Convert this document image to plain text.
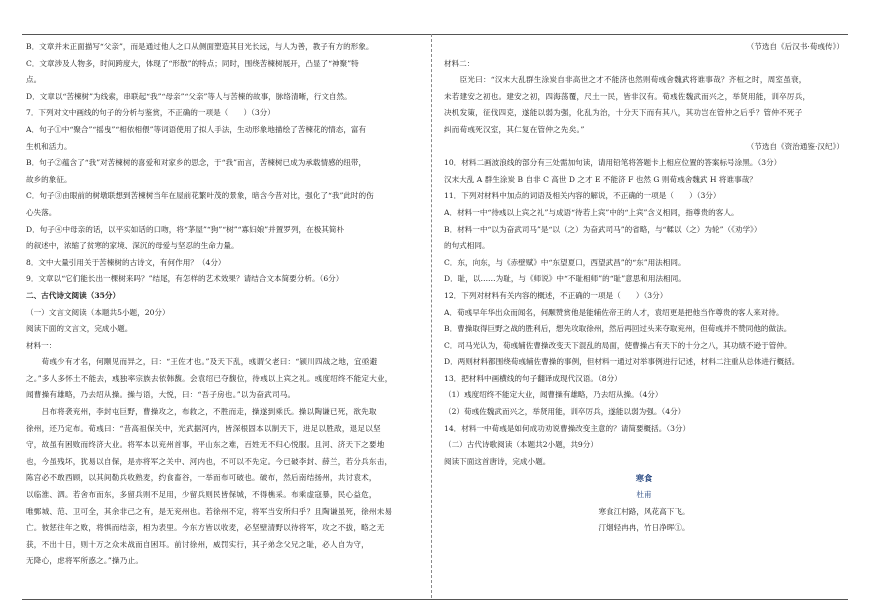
B．文章并未正面描写“父亲”，而是通过他人之口从侧面塑造其目光长远，与人为善，教子有方的形象。
C．文章涉及人物多，时间跨度大，体现了“形散”的特点；同时，围绕苦楝树展开，凸显了“神聚”特
点。
D．文章以“苦楝树”为线索，串联起“我”“母亲”“父亲”等人与苦楝的故事，脉络清晰，行文自然。
7．下列对文中画线的句子的分析与鉴赏，不正确的一项是（　　）（3分）
A．句子①中“聚合”“摇曳”“相依相偎”等词语使用了拟人手法，生动形象地描绘了苦楝花的情态，富有
生机和活力。
B．句子②蕴含了“我”对苦楝树的喜爱和对家乡的思念，于“我”而言，苦楝树已成为承载情感的纽带，
故乡的象征。
C．句子③由眼前的树墩联想到苦楝树当年在屋前花繁叶茂的景象，暗含今昔对比，强化了“我”此时的伤
心失落。
D．句子④中母亲的话，以平实如话的口吻，将“茅屋”“狗”“树”“寡妇娘”并置罗列，在极其简朴
的叙述中，浓缩了贫寒的家境、深沉的母爱与坚忍的生命力量。
8．文中大量引用关于苦楝树的古诗文，有何作用？（4分）
9．文章以“它们能长出一棵树来吗？”结尾，有怎样的艺术效果？请结合文本简要分析。（6分）
二、古代诗文阅读（35分）
（一）文言文阅读（本题共5小题，20分）
阅读下面的文言文，完成小题。
材料一：
　　荀彧少有才名，何颙见而异之，曰：“王佐才也。”及天下乱，彧谓父老曰：“颍川四战之地，宜亟避
之。”多人多怀土不能去，彧独率宗族去依韩馥。会袁绍已夺馥位，待彧以上宾之礼。彧度绍终不能定大业，
闻曹操有雄略，乃去绍从操。操与语，大悦，曰：“吾子房也。”以为奋武司马。
　　吕布将袭兖州，李封屯巨野，曹操攻之，布救之，不胜而走，操遂到乘氏。操以陶谦已死，欲先取
徐州，还乃定布。荀彧曰：“昔高祖保关中，光武据河内，皆深根固本以制天下，进足以胜敌，退足以坚
守，故虽有困败而终济大业。将军本以兖州首事，平山东之难，百姓无不归心悦服。且河、济天下之要地
也，今虽残坏，犹易以自保，是亦将军之关中、河内也，不可以不先定。今已破李封、薛兰，若分兵东击，
陈宫必不敢西顾，以其间勒兵收熟麦，约食畜谷，一举而布可破也。破布，然后南结扬州，共讨袁术，
以临淮、泗。若舍布而东，多留兵则不足用，少留兵则民皆保城，不得樵采。布乘虚寇暴，民心益危，
唯鄄城、范、卫可全，其余非己之有，是无兖州也。若徐州不定，将军当安所归乎？且陶谦虽死，徐州未易
亡。彼惩往年之败，将惧而结亲，相为表里。今东方皆以收麦，必坚壁清野以待将军，攻之不拔，略之无
获，不出十日，则十万之众未战而自困耳。前讨徐州，威罚实行，其子弟念父兄之耻，必人自为守，
无降心，虑将军所惑之。”操乃止。
（节选自《后汉书·荀彧传》）
材料二：
　　臣光曰：“汉末大乱群生涂炭自非高世之才不能济也然则荀彧舍魏武将谁事哉？齐桓之时，周室虽衰，
未若建安之初也。建安之初，四海荡覆，尺土一民，皆非汉有。荀彧佐魏武而兴之，举贤用能，训卒厉兵，
决机发策，征伐四克，遂能以弱为强，化乱为治，十分天下而有其八，其功岂在管仲之后乎？管仲不死子
纠而荀彧死汉室，其仁复在管仲之先矣。”
（节选自《资治通鉴·汉纪》）
10．材料二画波浪线的部分有三处需加句读，请用铅笔将答题卡上相应位置的答案标号涂黑。（3分）
汉末大乱 A 群生涂炭 B 自非 C 高世 D 之才 E 不能济 F 也然 G 则荀彧舍魏武 H 将谁事哉？
11．下列对材料中加点的词语及相关内容的解说，不正确的一项是（　　）（3分）
A．材料一中“待彧以上宾之礼”与成语“待若上宾”中的“上宾”含义相同，指尊贵的客人。
B．材料一中“以为奋武司马”是“以（之）为奋武司马”的省略，与“輮以（之）为轮”（《劝学》）
的句式相同。
C．东，向东，与《赤壁赋》中“东望夏口，西望武昌”的“东”用法相同。
D．耻，以……为耻，与《师说》中“不耻相师”的“耻”意思和用法相同。
12．下列对材料有关内容的概述，不正确的一项是（　　）（3分）
A．荀彧早年华出众而闻名，何颙赞赏他是能辅佐帝王的人才，袁绍更是把他当作尊贵的客人来对待。
B．曹操取得巨野之战的胜利后，想先攻取徐州，然后再回过头来夺取兖州，但荀彧并不赞同他的做法。
C．司马光认为，荀彧辅佐曹操改变天下混乱的局面，使曹操占有天下的十分之八，其功绩不逊于管仲。
D．两则材料都围绕荀彧辅佐曹操的事例，但材料一通过对举事例进行记述，材料二注重从总体进行概括。
13．把材料中画横线的句子翻译成现代汉语。（8分）
（1）彧度绍终不能定大业，闻曹操有雄略，乃去绍从操。（4分）
（2）荀彧佐魏武而兴之，举贤用能，训卒厉兵，遂能以弱为强。（4分）
14．材料一中荀彧是如何成功劝说曹操改变主意的？请简要概括。（3分）
（二）古代诗歌阅读（本题共2小题，共9分）
阅读下面这首唐诗，完成小题。
寒食
杜甫
寒食江村路，风花高下飞。
汀烟轻冉冉，竹日净晖①。
